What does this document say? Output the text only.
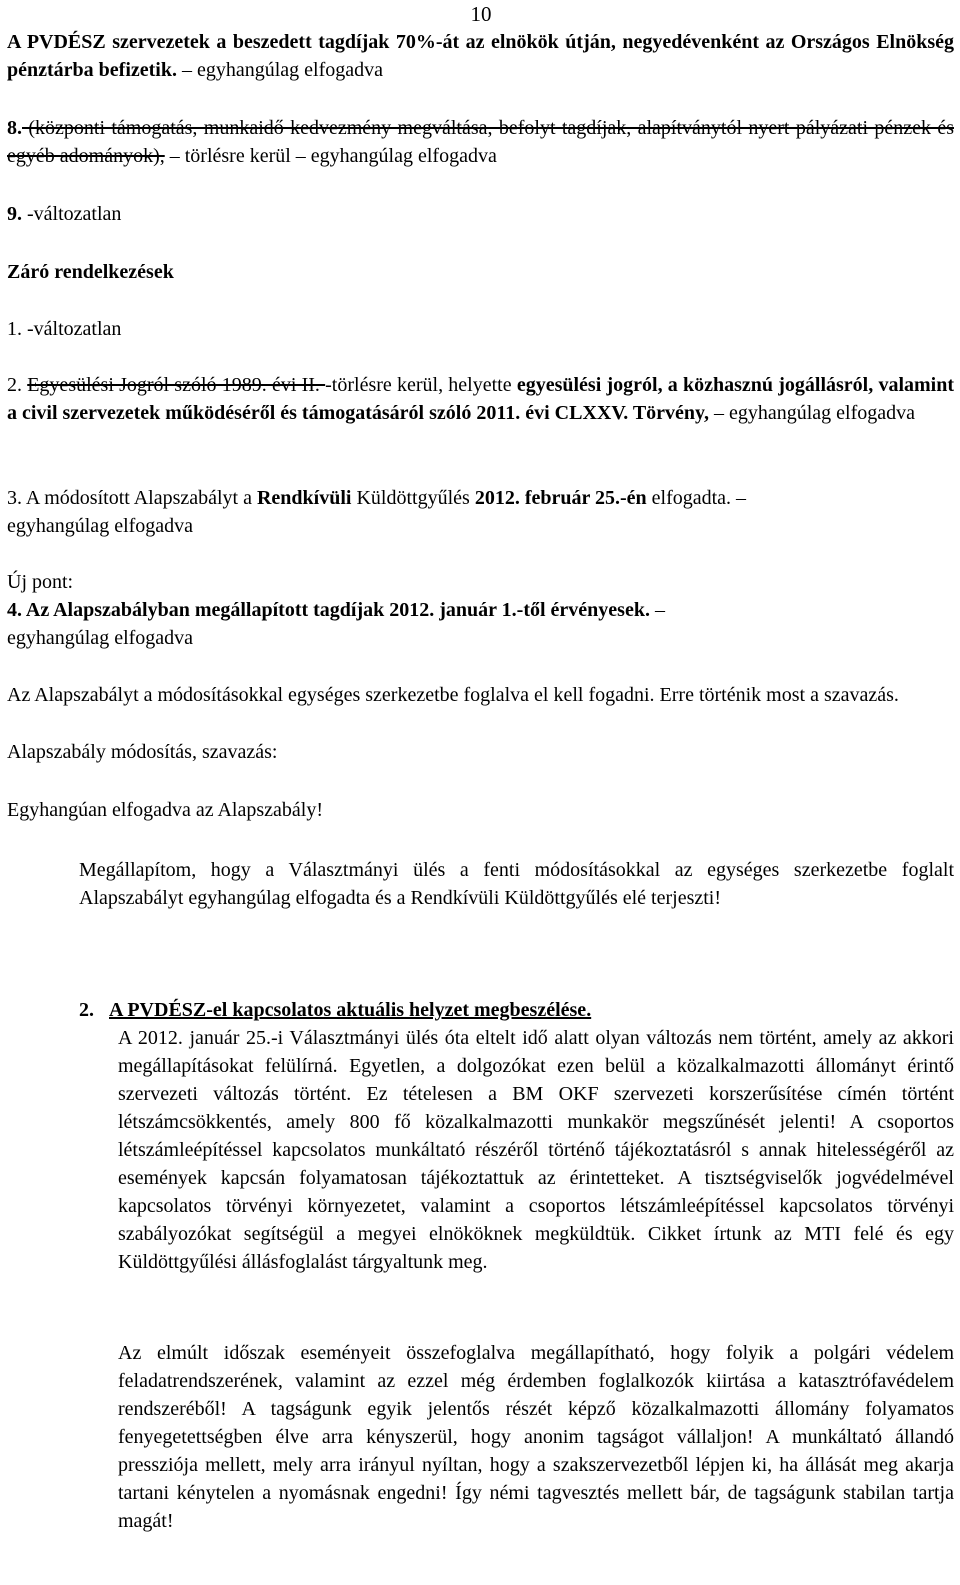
10
A PVDÉSZ szervezetek a beszedett tagdíjak 70%-át az elnökök útján, negyedévenként az Országos Elnökség pénztárba befizetik. – egyhangúlag elfogadva
8. (központi támogatás, munkaidő kedvezmény megváltása, befolyt tagdíjak, alapítványtól nyert pályázati pénzek és egyéb adományok), – törlésre kerül – egyhangúlag elfogadva
9. -változatlan
Záró rendelkezések
1. -változatlan
2. Egyesülési Jogról szóló 1989. évi II. -törlésre kerül, helyette egyesülési jogról, a közhasznú jogállásról, valamint a civil szervezetek működéséről és támogatásáról szóló 2011. évi CLXXV. Törvény, – egyhangúlag elfogadva
3. A módosított Alapszabályt a Rendkívüli Küldöttgyűlés 2012. február 25.-én elfogadta. –
egyhangúlag elfogadva
Új pont:
4. Az Alapszabályban megállapított tagdíjak 2012. január 1.-től érvényesek. –
egyhangúlag elfogadva
Az Alapszabályt a módosításokkal egységes szerkezetbe foglalva el kell fogadni. Erre történik most a szavazás.
Alapszabály módosítás, szavazás:
Egyhangúan elfogadva az Alapszabály!
Megállapítom, hogy a Választmányi ülés a fenti módosításokkal az egységes szerkezetbe foglalt Alapszabályt egyhangúlag elfogadta és a Rendkívüli Küldöttgyűlés elé terjeszti!
2. A PVDÉSZ-el kapcsolatos aktuális helyzet megbeszélése.
A 2012. január 25.-i Választmányi ülés óta eltelt idő alatt olyan változás nem történt, amely az akkori megállapításokat felülírná. Egyetlen, a dolgozókat ezen belül a közalkalmazotti állományt érintő szervezeti változás történt. Ez tételesen a BM OKF szervezeti korszerűsítése címén történt létszámcsökkentés, amely 800 fő közalkalmazotti munkakör megszűnését jelenti! A csoportos létszámleépítéssel kapcsolatos munkáltató részéről történő tájékoztatásról s annak hitelességéről az események kapcsán folyamatosan tájékoztattuk az érintetteket. A tisztségviselők jogvédelmével kapcsolatos törvényi környezetet, valamint a csoportos létszámleépítéssel kapcsolatos törvényi szabályozókat segítségül a megyei elnököknek megküldtük. Cikket írtunk az MTI felé és egy Küldöttgyűlési állásfoglalást tárgyaltunk meg.
Az elmúlt időszak eseményeit összefoglalva megállapítható, hogy folyik a polgári védelem feladatrendszerének, valamint az ezzel még érdemben foglalkozók kiirtása a katasztrófavédelem rendszeréből! A tagságunk egyik jelentős részét képző közalkalmazotti állomány folyamatos fenyegetettségben élve arra kényszerül, hogy anonim tagságot vállaljon! A munkáltató állandó pressziója mellett, mely arra irányul nyíltan, hogy a szakszervezetből lépjen ki, ha állását meg akarja tartani kénytelen a nyomásnak engedni! Így némi tagvesztés mellett bár, de tagságunk stabilan tartja magát!
